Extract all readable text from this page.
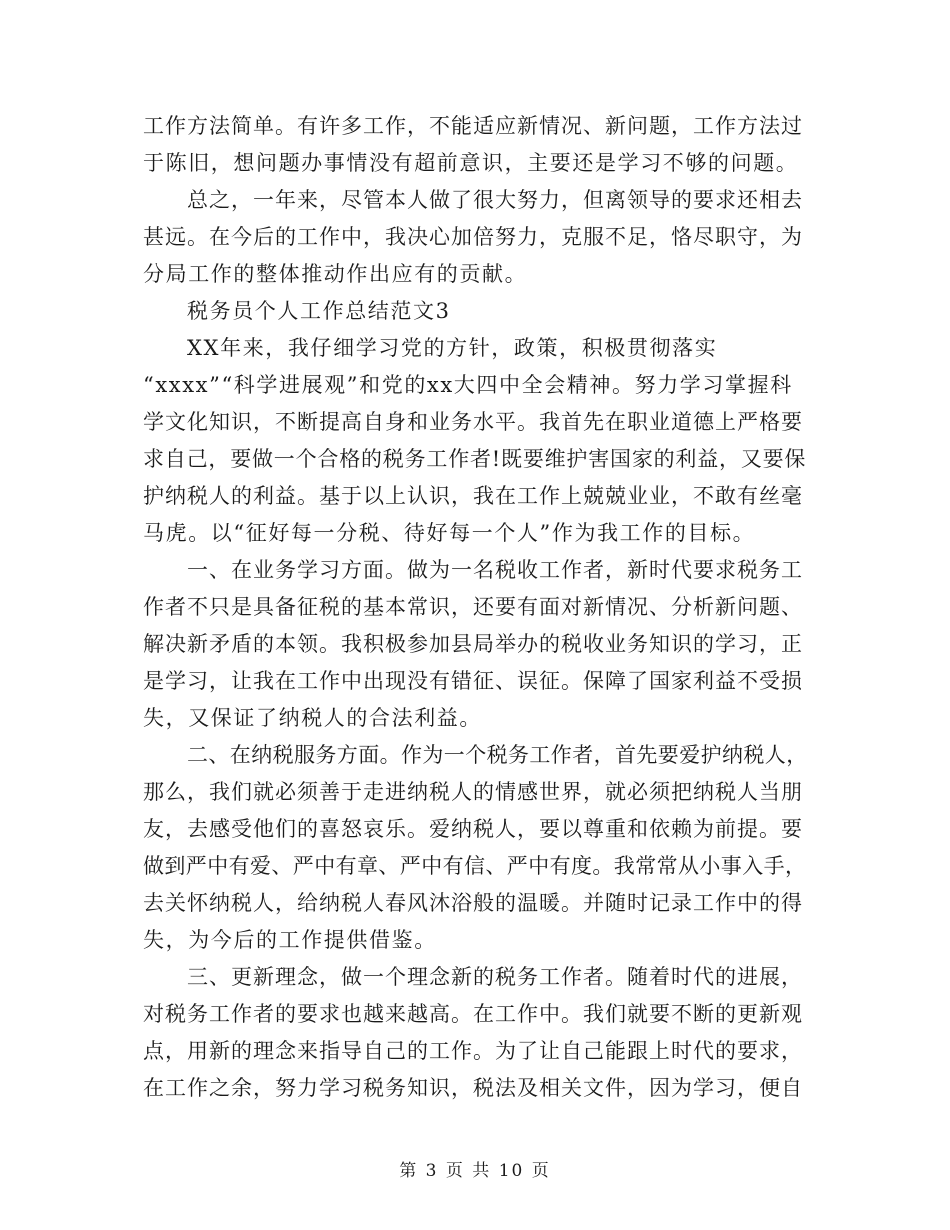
工作方法简单。有许多工作，不能适应新情况、新问题，工作方法过
于陈旧，想问题办事情没有超前意识，主要还是学习不够的问题。
总之，一年来，尽管本人做了很大努力，但离领导的要求还相去
甚远。在今后的工作中，我决心加倍努力，克服不足，恪尽职守，为
分局工作的整体推动作出应有的贡献。
税务员个人工作总结范文3
XX年来，我仔细学习党的方针，政策，积极贯彻落实
“xxxx”“科学进展观”和党的xx大四中全会精神。努力学习掌握科
学文化知识，不断提高自身和业务水平。我首先在职业道德上严格要
求自己，要做一个合格的税务工作者!既要维护害国家的利益，又要保
护纳税人的利益。基于以上认识，我在工作上兢兢业业，不敢有丝毫
马虎。以“征好每一分税、待好每一个人”作为我工作的目标。
一、在业务学习方面。做为一名税收工作者，新时代要求税务工
作者不只是具备征税的基本常识，还要有面对新情况、分析新问题、
解决新矛盾的本领。我积极参加县局举办的税收业务知识的学习，正
是学习，让我在工作中出现没有错征、误征。保障了国家利益不受损
失，又保证了纳税人的合法利益。
二、在纳税服务方面。作为一个税务工作者，首先要爱护纳税人，
那么，我们就必须善于走进纳税人的情感世界，就必须把纳税人当朋
友，去感受他们的喜怒哀乐。爱纳税人，要以尊重和依赖为前提。要
做到严中有爱、严中有章、严中有信、严中有度。我常常从小事入手，
去关怀纳税人，给纳税人春风沐浴般的温暖。并随时记录工作中的得
失，为今后的工作提供借鉴。
三、更新理念，做一个理念新的税务工作者。随着时代的进展，
对税务工作者的要求也越来越高。在工作中。我们就要不断的更新观
点，用新的理念来指导自己的工作。为了让自己能跟上时代的要求，
在工作之余，努力学习税务知识，税法及相关文件，因为学习，便自
第 3 页 共 10 页
